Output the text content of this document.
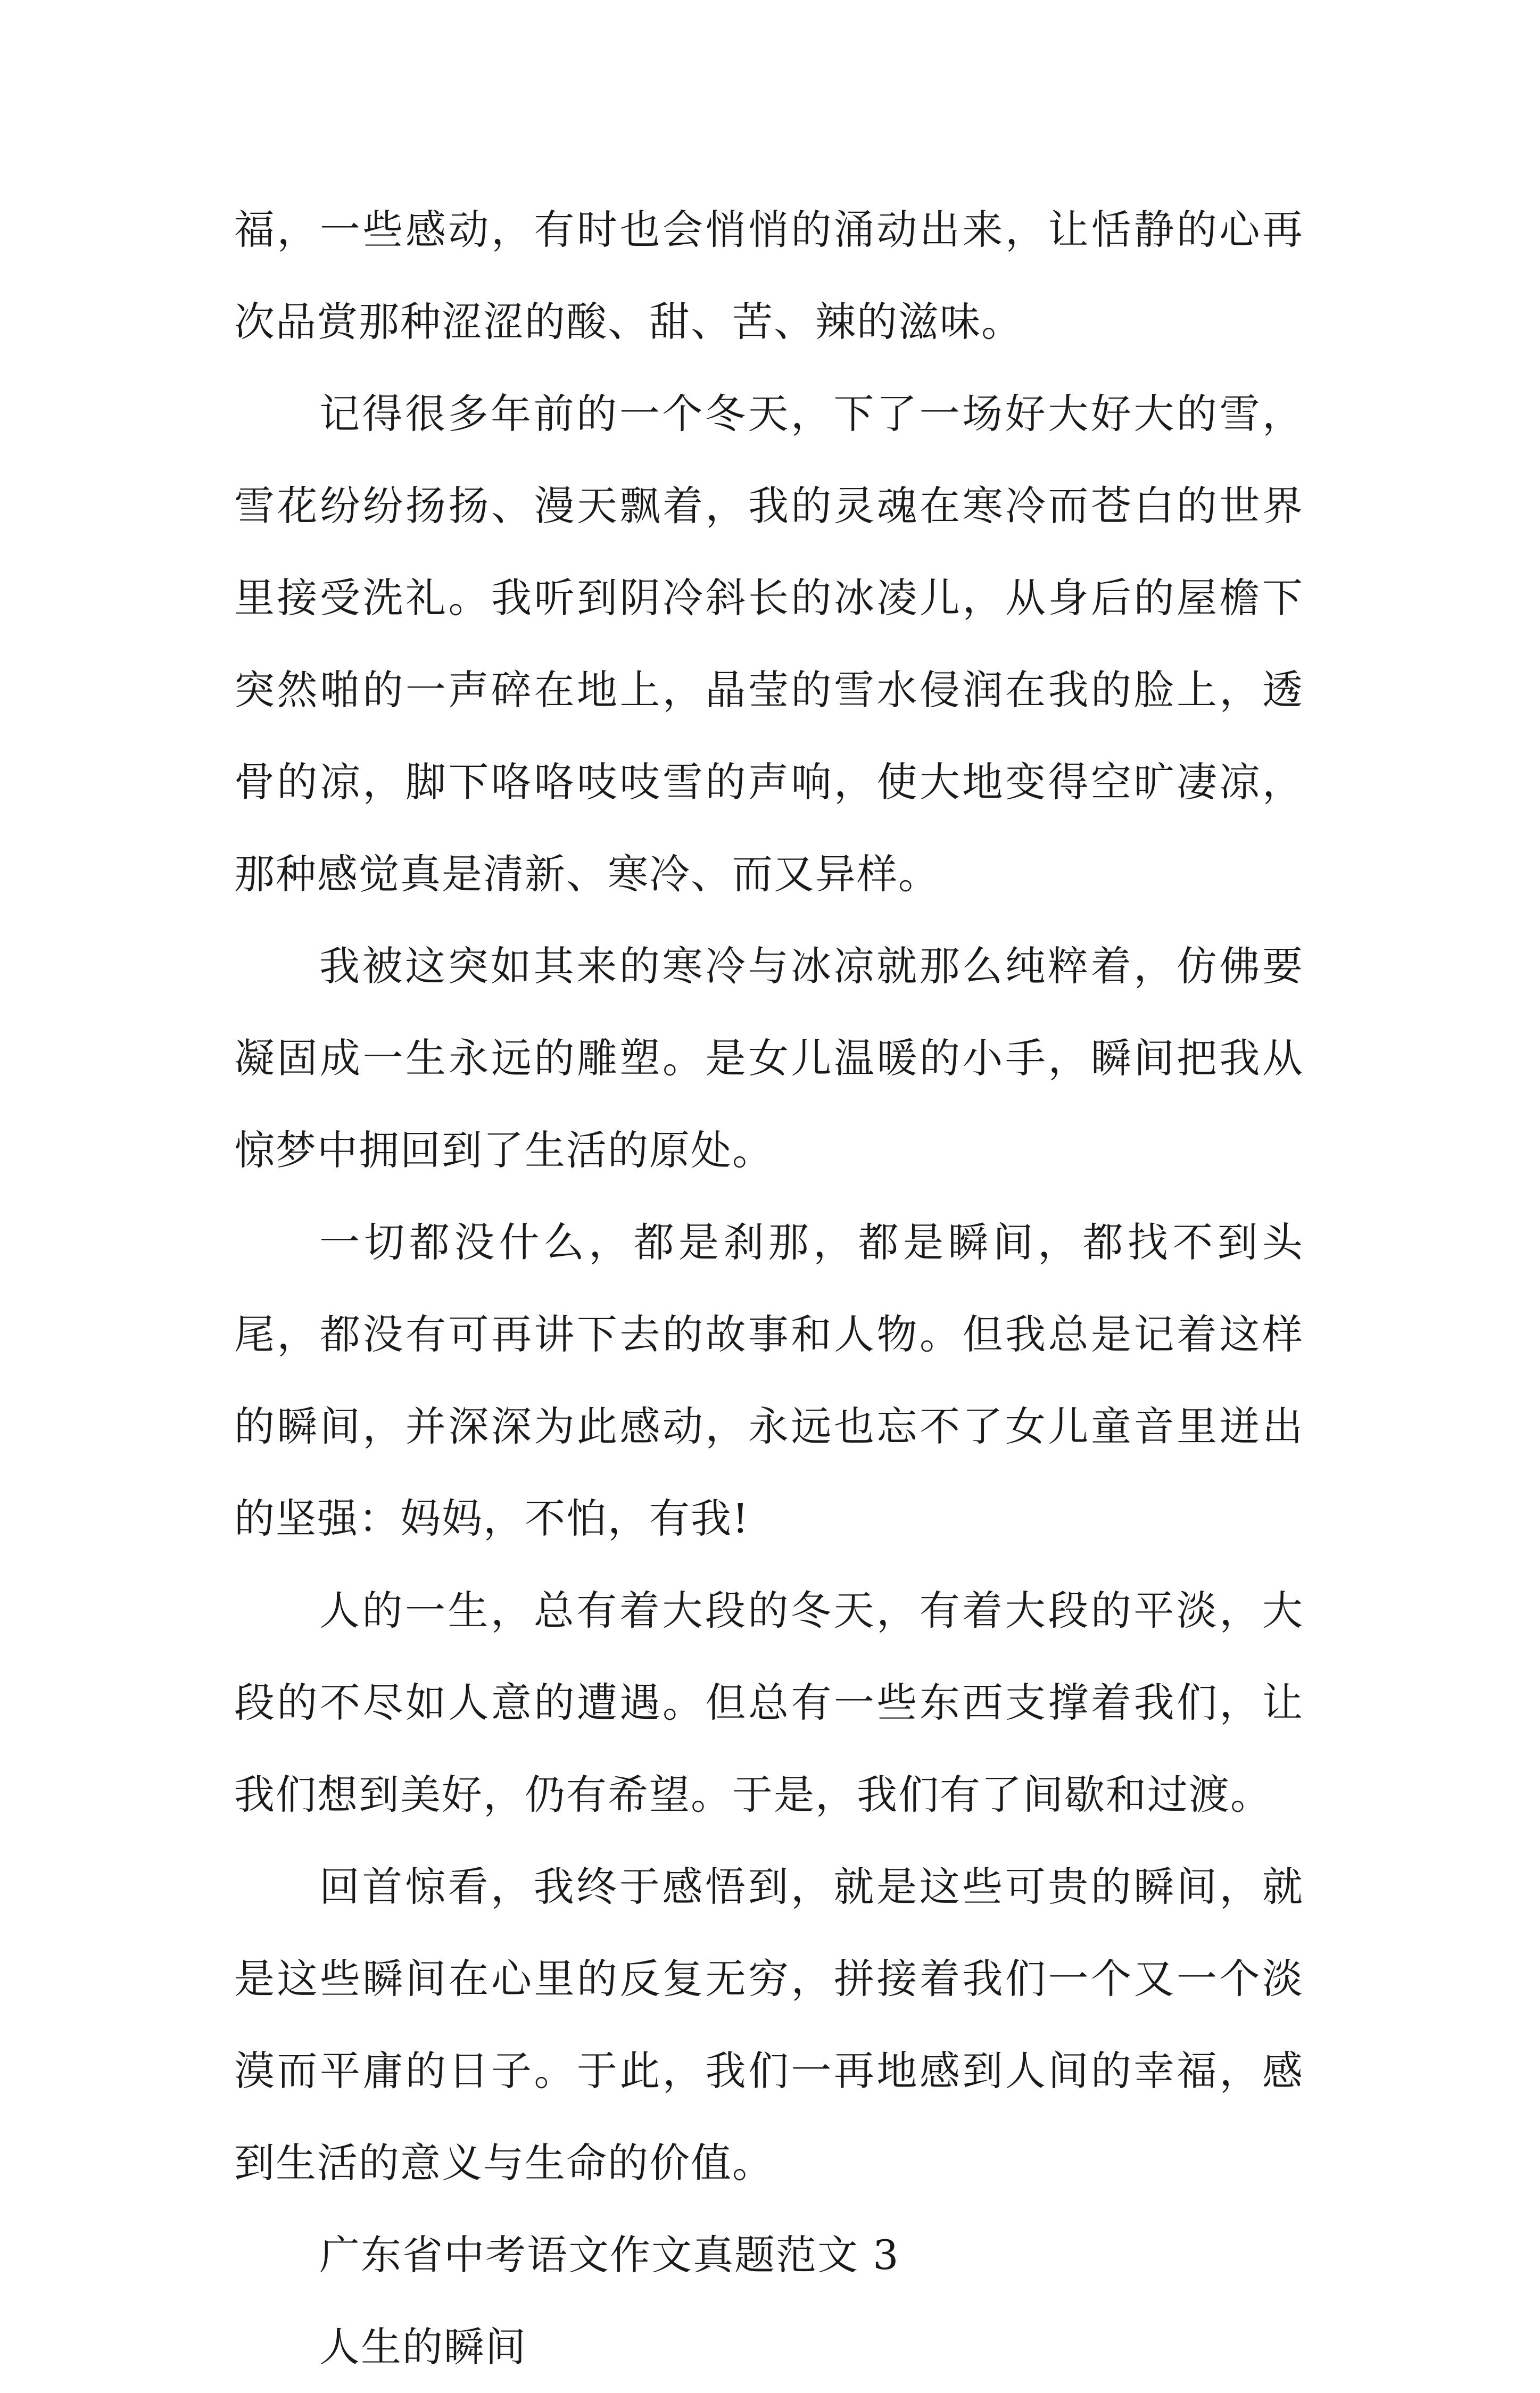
福，一些感动，有时也会悄悄的涌动出来，让恬静的心再次品赏那种涩涩的酸、甜、苦、辣的滋味。

记得很多年前的一个冬天，下了一场好大好大的雪，雪花纷纷扬扬、漫天飘着，我的灵魂在寒冷而苍白的世界里接受洗礼。我听到阴冷斜长的冰凌儿，从身后的屋檐下突然啪的一声碎在地上，晶莹的雪水侵润在我的脸上，透骨的凉，脚下咯咯吱吱雪的声响，使大地变得空旷凄凉，那种感觉真是清新、寒冷、而又异样。

我被这突如其来的寒冷与冰凉就那么纯粹着，仿佛要凝固成一生永远的雕塑。是女儿温暖的小手，瞬间把我从惊梦中拥回到了生活的原处。

一切都没什么，都是刹那，都是瞬间，都找不到头尾，都没有可再讲下去的故事和人物。但我总是记着这样的瞬间，并深深为此感动，永远也忘不了女儿童音里迸出的坚强：妈妈，不怕，有我!

人的一生，总有着大段的冬天，有着大段的平淡，大段的不尽如人意的遭遇。但总有一些东西支撑着我们，让我们想到美好，仍有希望。于是，我们有了间歇和过渡。

回首惊看，我终于感悟到，就是这些可贵的瞬间，就是这些瞬间在心里的反复无穷，拼接着我们一个又一个淡漠而平庸的日子。于此，我们一再地感到人间的幸福，感到生活的意义与生命的价值。

广东省中考语文作文真题范文 3

人生的瞬间
